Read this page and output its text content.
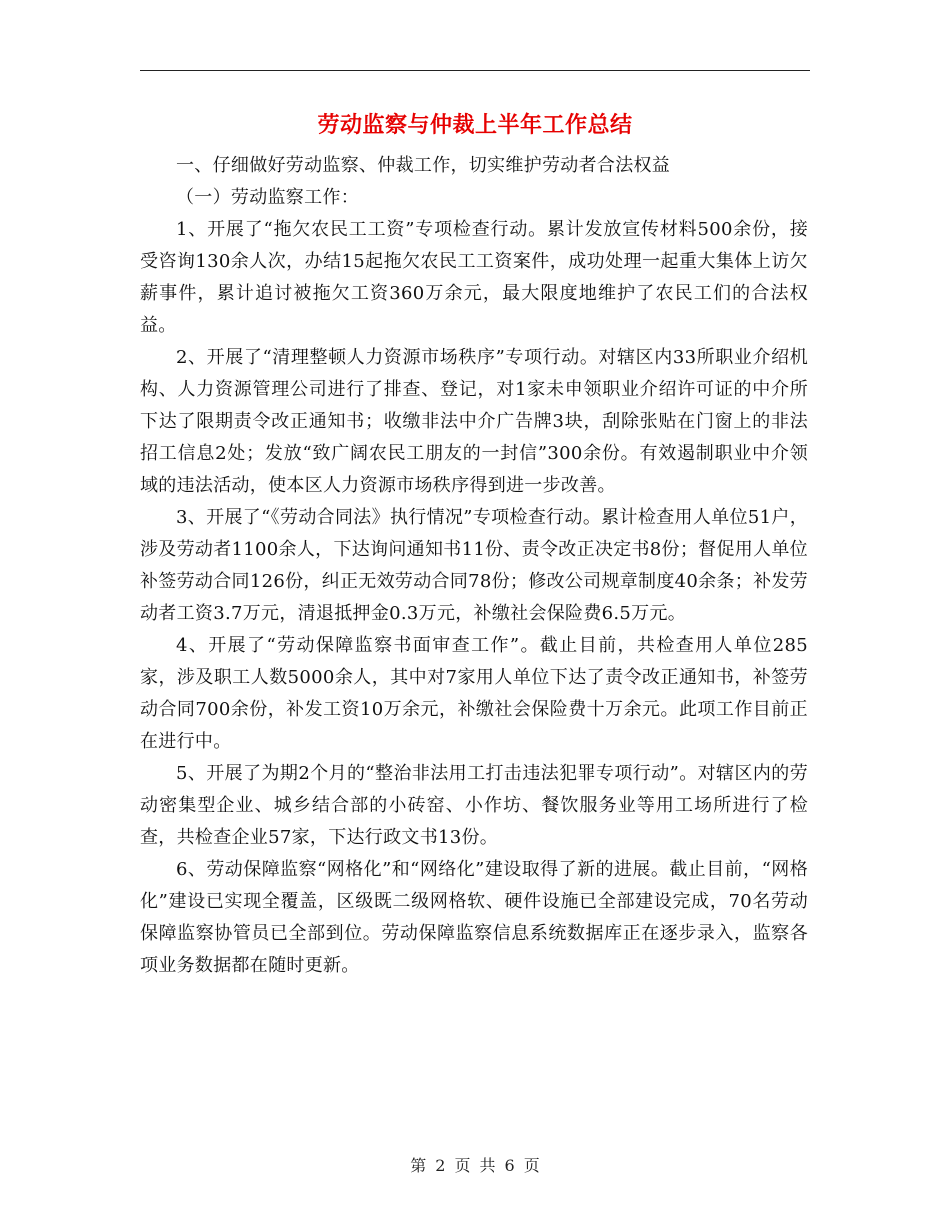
劳动监察与仲裁上半年工作总结

一、仔细做好劳动监察、仲裁工作，切实维护劳动者合法权益

（一）劳动监察工作：

1、开展了“拖欠农民工工资”专项检查行动。累计发放宣传材料500余份，接受咨询130余人次，办结15起拖欠农民工工资案件，成功处理一起重大集体上访欠薪事件，累计追讨被拖欠工资360万余元，最大限度地维护了农民工们的合法权益。

2、开展了“清理整顿人力资源市场秩序”专项行动。对辖区内33所职业介绍机构、人力资源管理公司进行了排查、登记，对1家未申领职业介绍许可证的中介所下达了限期责令改正通知书；收缴非法中介广告牌3块，刮除张贴在门窗上的非法招工信息2处；发放“致广阔农民工朋友的一封信”300余份。有效遏制职业中介领域的违法活动，使本区人力资源市场秩序得到进一步改善。

3、开展了“《劳动合同法》执行情况”专项检查行动。累计检查用人单位51户，涉及劳动者1100余人，下达询问通知书11份、责令改正决定书8份；督促用人单位补签劳动合同126份，纠正无效劳动合同78份；修改公司规章制度40余条；补发劳动者工资3.7万元，清退抵押金0.3万元，补缴社会保险费6.5万元。

4、开展了“劳动保障监察书面审查工作”。截止目前，共检查用人单位285家，涉及职工人数5000余人，其中对7家用人单位下达了责令改正通知书，补签劳动合同700余份，补发工资10万余元，补缴社会保险费十万余元。此项工作目前正在进行中。

5、开展了为期2个月的“整治非法用工打击违法犯罪专项行动”。对辖区内的劳动密集型企业、城乡结合部的小砖窑、小作坊、餐饮服务业等用工场所进行了检查，共检查企业57家，下达行政文书13份。

6、劳动保障监察“网格化”和“网络化”建设取得了新的进展。截止目前，“网格化”建设已实现全覆盖，区级既二级网格软、硬件设施已全部建设完成，70名劳动保障监察协管员已全部到位。劳动保障监察信息系统数据库正在逐步录入，监察各项业务数据都在随时更新。

第 2 页 共 6 页
